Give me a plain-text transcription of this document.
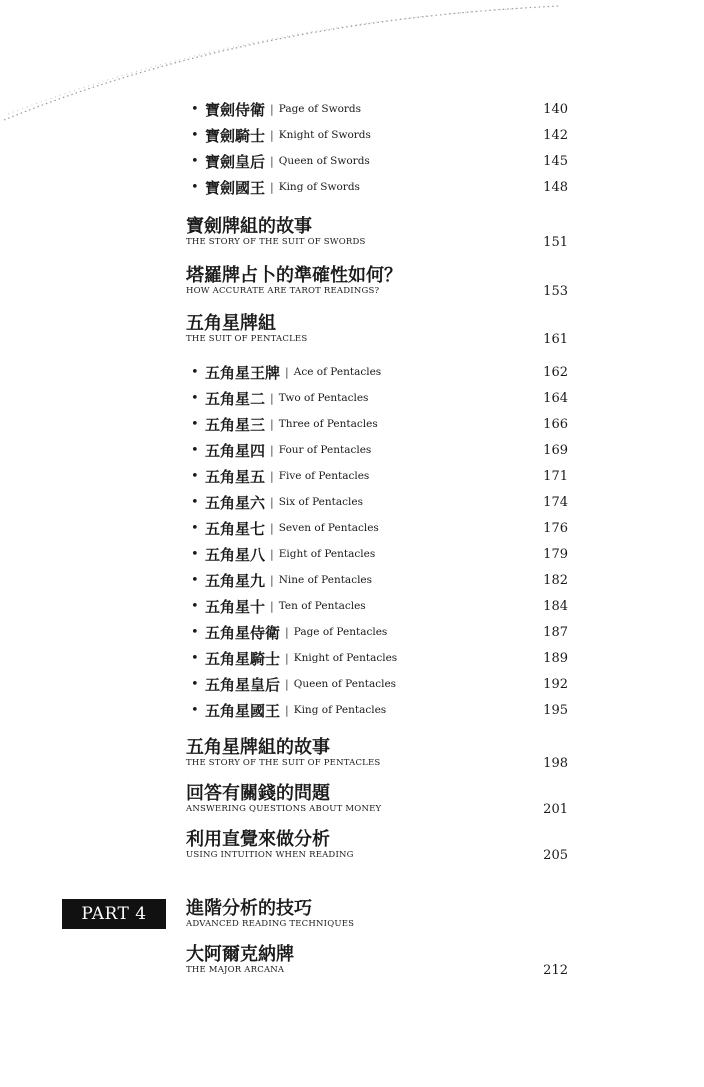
• 寶劍侍衛 | Page of Swords	140
• 寶劍騎士 | Knight of Swords	142
• 寶劍皇后 | Queen of Swords	145
• 寶劍國王 | King of Swords	148
寶劍牌組的故事
THE STORY OF THE SUIT OF SWORDS	151
塔羅牌占卜的準確性如何？
HOW ACCURATE ARE TAROT READINGS?	153
五角星牌組
THE SUIT OF PENTACLES	161
• 五角星王牌 | Ace of Pentacles	162
• 五角星二 | Two of Pentacles	164
• 五角星三 | Three of Pentacles	166
• 五角星四 | Four of Pentacles	169
• 五角星五 | Five of Pentacles	171
• 五角星六 | Six of Pentacles	174
• 五角星七 | Seven of Pentacles	176
• 五角星八 | Eight of Pentacles	179
• 五角星九 | Nine of Pentacles	182
• 五角星十 | Ten of Pentacles	184
• 五角星侍衛 | Page of Pentacles	187
• 五角星騎士 | Knight of Pentacles	189
• 五角星皇后 | Queen of Pentacles	192
• 五角星國王 | King of Pentacles	195
五角星牌組的故事
THE STORY OF THE SUIT OF PENTACLES	198
回答有關錢的問題
ANSWERING QUESTIONS ABOUT MONEY	201
利用直覺來做分析
USING INTUITION WHEN READING	205
PART 4	進階分析的技巧
ADVANCED READING TECHNIQUES
大阿爾克納牌
THE MAJOR ARCANA	212
